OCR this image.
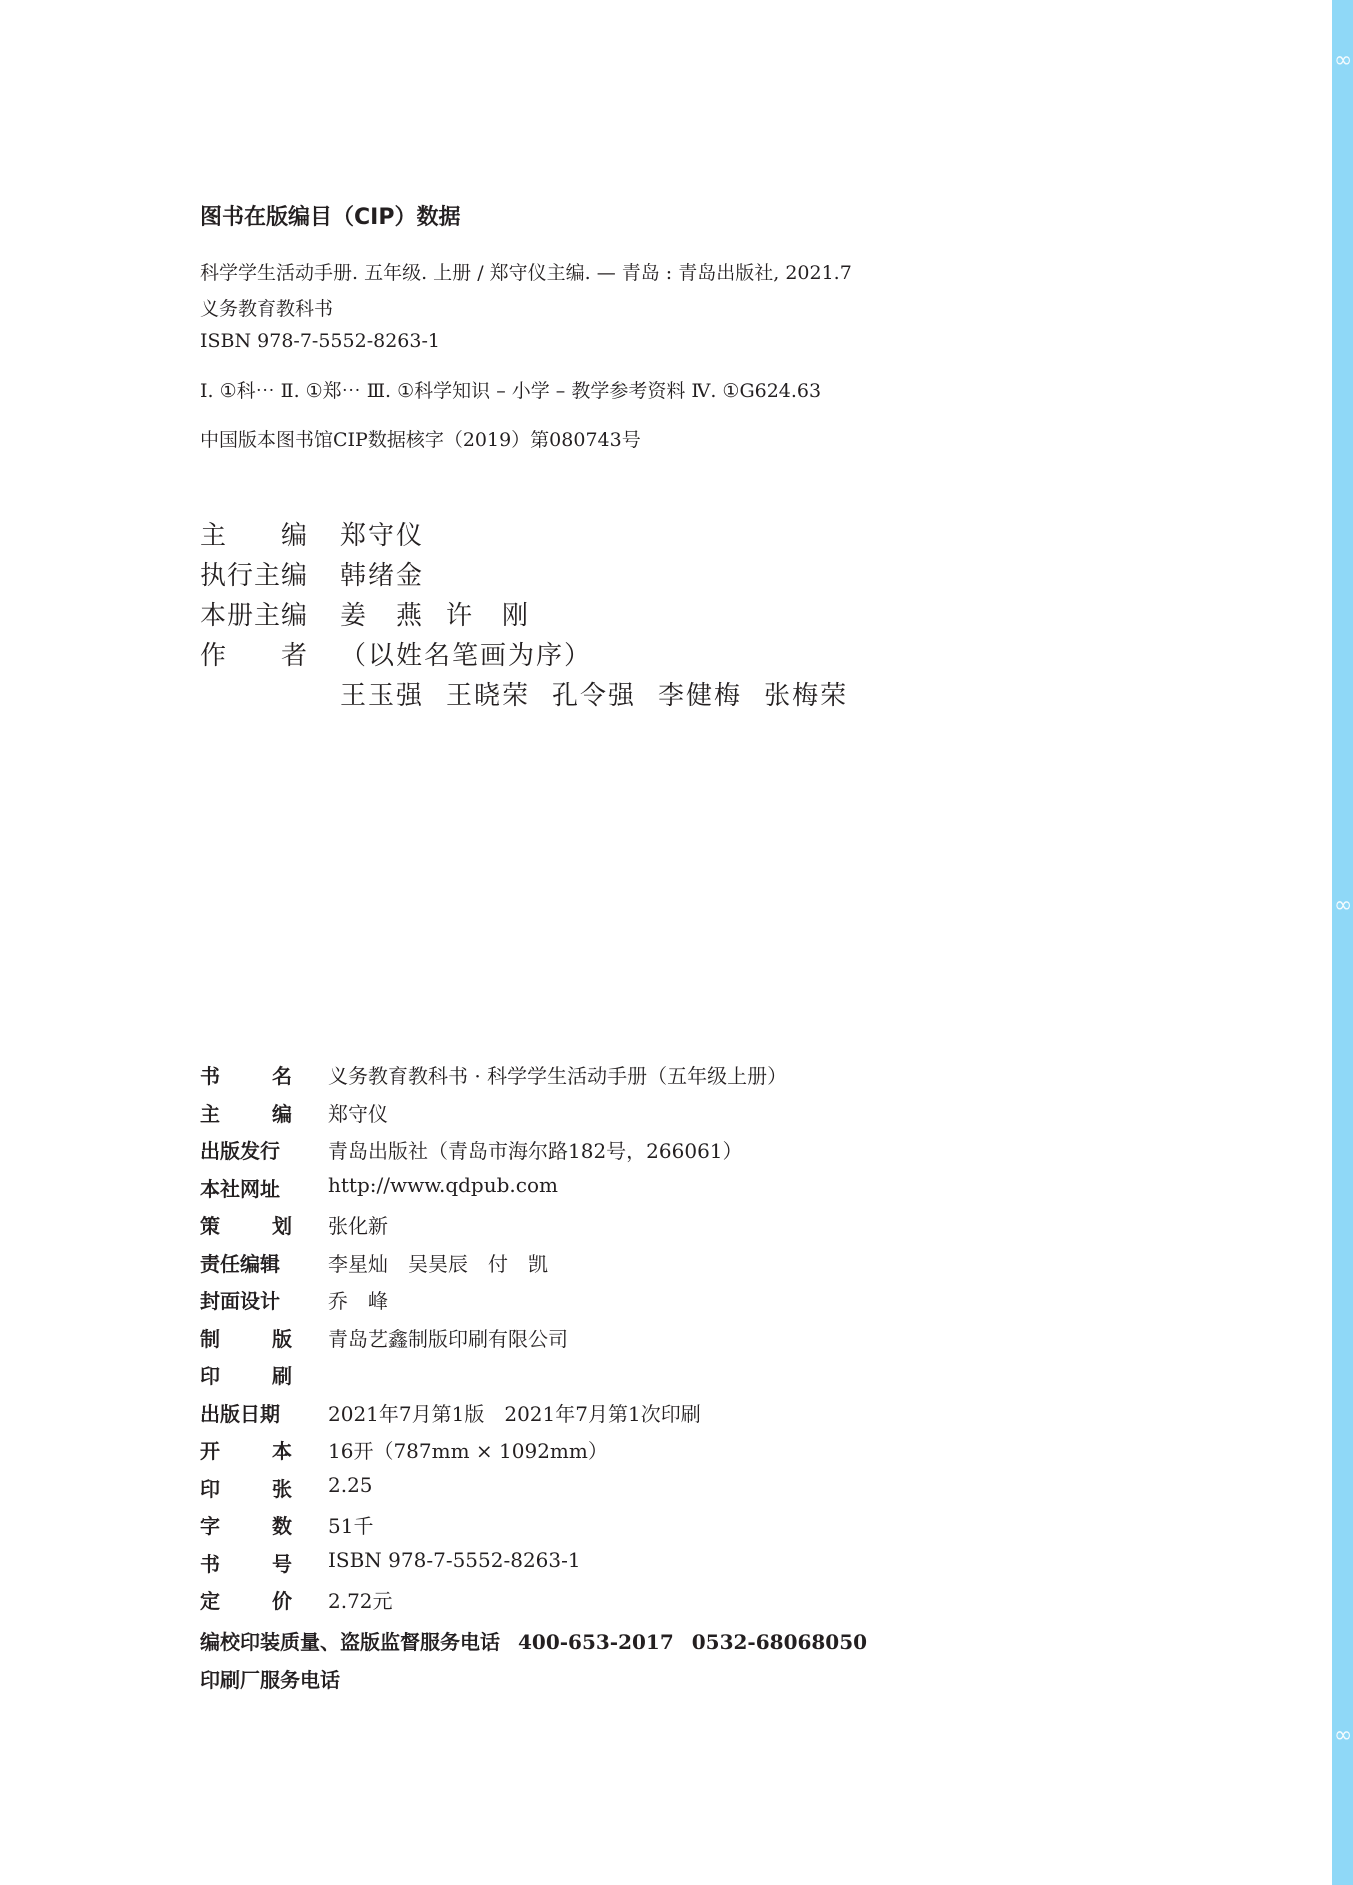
∞
∞
∞
图书在版编目（CIP）数据
科学学生活动手册. 五年级. 上册 / 郑守仪主编. — 青岛 : 青岛出版社, 2021.7
义务教育教科书
ISBN 978-7-5552-8263-1
Ⅰ. ①科⋯ Ⅱ. ①郑⋯ Ⅲ. ①科学知识 – 小学 – 教学参考资料 Ⅳ. ①G624.63
中国版本图书馆CIP数据核字（2019）第080743号
主　　编 郑守仪
执行主编 韩绪金
本册主编 姜　燕 许　刚
作　　者 （以姓名笔画为序）
王玉强 王晓荣 孔令强 李健梅 张梅荣
书	名 义务教育教科书 · 科学学生活动手册（五年级上册）
主	编 郑守仪
出版发行 青岛出版社（青岛市海尔路182号，266061）
本社网址 http://www.qdpub.com
策	划 张化新
责任编辑 李星灿　吴昊辰　付　凯
封面设计 乔　峰
制	版 青岛艺鑫制版印刷有限公司
印	刷
出版日期 2021年7月第1版　2021年7月第1次印刷
开	本 16开（787mm × 1092mm）
印	张 2.25
字	数 51千
书	号 ISBN 978-7-5552-8263-1
定	价 2.72元
编校印装质量、盗版监督服务电话 400-653-2017 0532-68068050
印刷厂服务电话
